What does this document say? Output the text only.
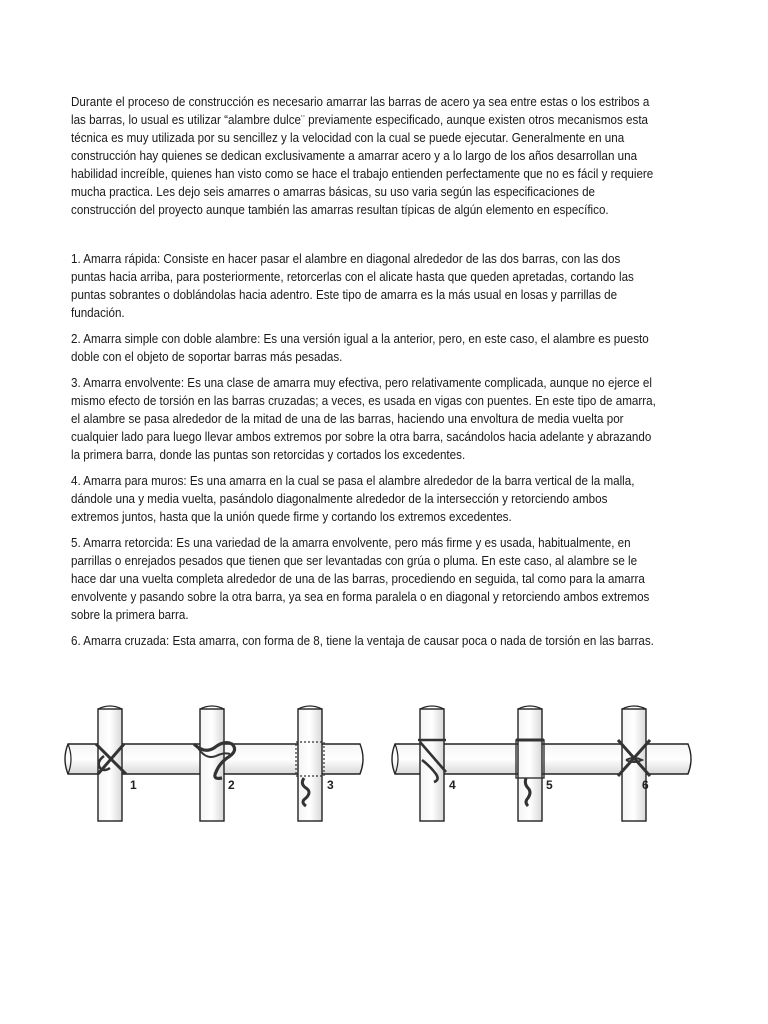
Durante el proceso de construcción es necesario amarrar las barras de acero ya sea entre estas o los estribos a las barras, lo usual es utilizar “alambre dulce¨ previamente especificado, aunque existen otros mecanismos esta técnica es muy utilizada por su sencillez y la velocidad con la cual se puede ejecutar. Generalmente en una construcción hay quienes se dedican exclusivamente a amarrar acero y a lo largo de los años desarrollan una habilidad increíble, quienes han visto como se hace el trabajo entienden perfectamente que no es fácil y requiere mucha practica. Les dejo seis amarres o amarras básicas, su uso varia según las especificaciones de construcción del proyecto aunque también las amarras resultan típicas de algún elemento en específico.
1. Amarra rápida: Consiste en hacer pasar el alambre en diagonal alrededor de las dos barras, con las dos puntas hacia arriba, para posteriormente, retorcerlas con el alicate hasta que queden apretadas, cortando las puntas sobrantes o doblándolas hacia adentro. Este tipo de amarra es la más usual en losas y parrillas de fundación.
2. Amarra simple con doble alambre: Es una versión igual a la anterior, pero, en este caso, el alambre es puesto doble con el objeto de soportar barras más pesadas.
3. Amarra envolvente: Es una clase de amarra muy efectiva, pero relativamente complicada, aunque no ejerce el mismo efecto de torsión en las barras cruzadas; a veces, es usada en vigas con puentes. En este tipo de amarra, el alambre se pasa alrededor de la mitad de una de las barras, haciendo una envoltura de media vuelta por cualquier lado para luego llevar ambos extremos por sobre la otra barra, sacándolos hacia adelante y abrazando la primera barra, donde las puntas son retorcidas y cortados los excedentes.
4. Amarra para muros: Es una amarra en la cual se pasa el alambre alrededor de la barra vertical de la malla, dándole una y media vuelta, pasándolo diagonalmente alrededor de la intersección y retorciendo ambos extremos juntos, hasta que la unión quede firme y cortando los extremos excedentes.
5. Amarra retorcida: Es una variedad de la amarra envolvente, pero más firme y es usada, habitualmente, en parrillas o enrejados pesados que tienen que ser levantadas con grúa o pluma. En este caso, al alambre se le hace dar una vuelta completa alrededor de una de las barras, procediendo en seguida, tal como para la amarra envolvente y pasando sobre la otra barra, ya sea en forma paralela o en diagonal y retorciendo ambos extremos sobre la primera barra.
6. Amarra cruzada: Esta amarra, con forma de 8, tiene la ventaja de causar poca o nada de torsión en las barras.
1	2	3	4	5	6
